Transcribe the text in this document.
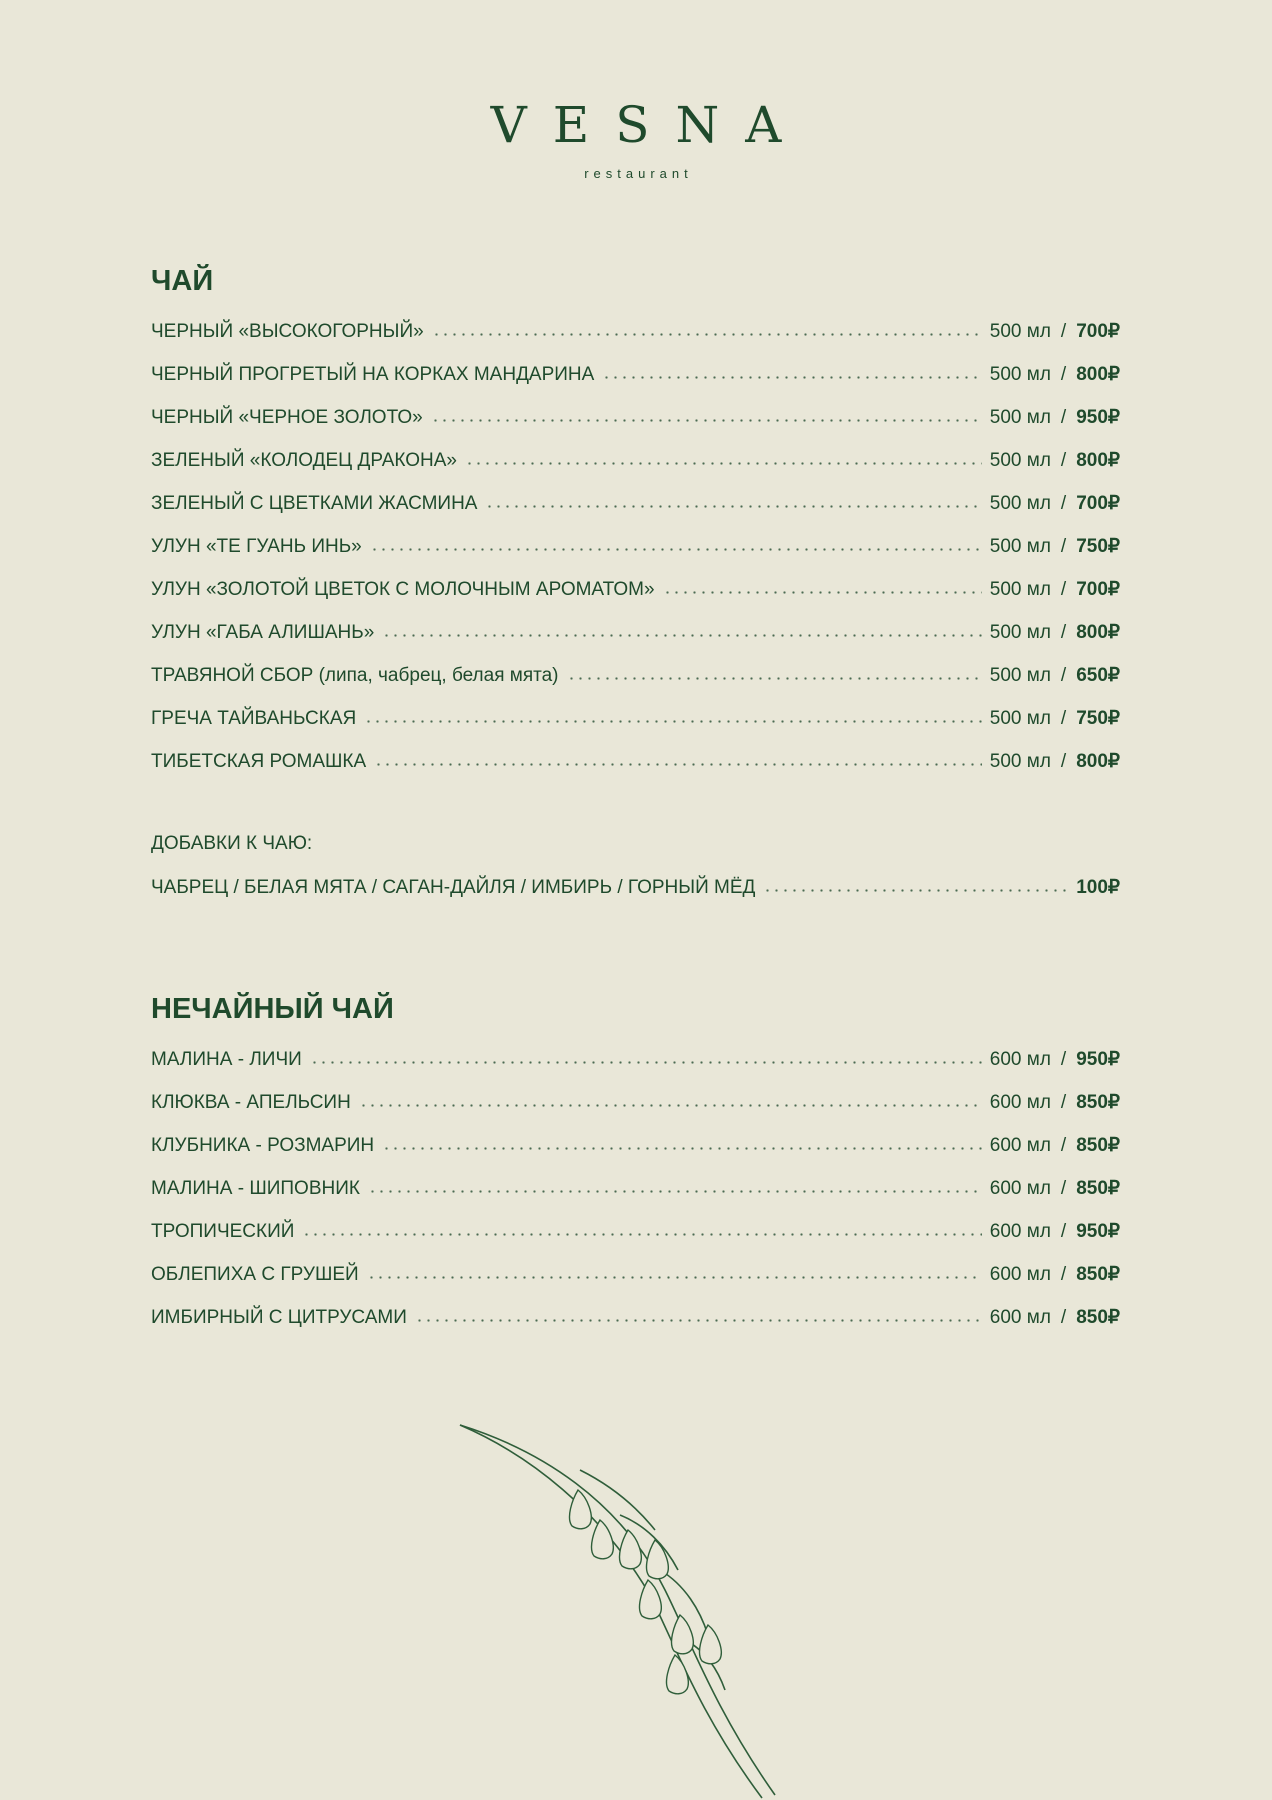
VESNA
restaurant
ЧАЙ
ЧЕРНЫЙ «ВЫСОКОГОРНЫЙ»	500 мл / 700₽
ЧЕРНЫЙ ПРОГРЕТЫЙ НА КОРКАХ МАНДАРИНА	500 мл / 800₽
ЧЕРНЫЙ «ЧЕРНОЕ ЗОЛОТО»	500 мл / 950₽
ЗЕЛЕНЫЙ «КОЛОДЕЦ ДРАКОНА»	500 мл / 800₽
ЗЕЛЕНЫЙ С ЦВЕТКАМИ ЖАСМИНА	500 мл / 700₽
УЛУН «ТЕ ГУАНЬ ИНЬ»	500 мл / 750₽
УЛУН «ЗОЛОТОЙ ЦВЕТОК С МОЛОЧНЫМ АРОМАТОМ»	500 мл / 700₽
УЛУН «ГАБА АЛИШАНЬ»	500 мл / 800₽
ТРАВЯНОЙ СБОР (липа, чабрец, белая мята)	500 мл / 650₽
ГРЕЧА ТАЙВАНЬСКАЯ	500 мл / 750₽
ТИБЕТСКАЯ РОМАШКА	500 мл / 800₽
ДОБАВКИ К ЧАЮ:
ЧАБРЕЦ / БЕЛАЯ МЯТА / САГАН-ДАЙЛЯ / ИМБИРЬ / ГОРНЫЙ МЁД	100₽
НЕЧАЙНЫЙ ЧАЙ
МАЛИНА - ЛИЧИ	600 мл / 950₽
КЛЮКВА - АПЕЛЬСИН	600 мл / 850₽
КЛУБНИКА - РОЗМАРИН	600 мл / 850₽
МАЛИНА - ШИПОВНИК	600 мл / 850₽
ТРОПИЧЕСКИЙ	600 мл / 950₽
ОБЛЕПИХА С ГРУШЕЙ	600 мл / 850₽
ИМБИРНЫЙ С ЦИТРУСАМИ	600 мл / 850₽
